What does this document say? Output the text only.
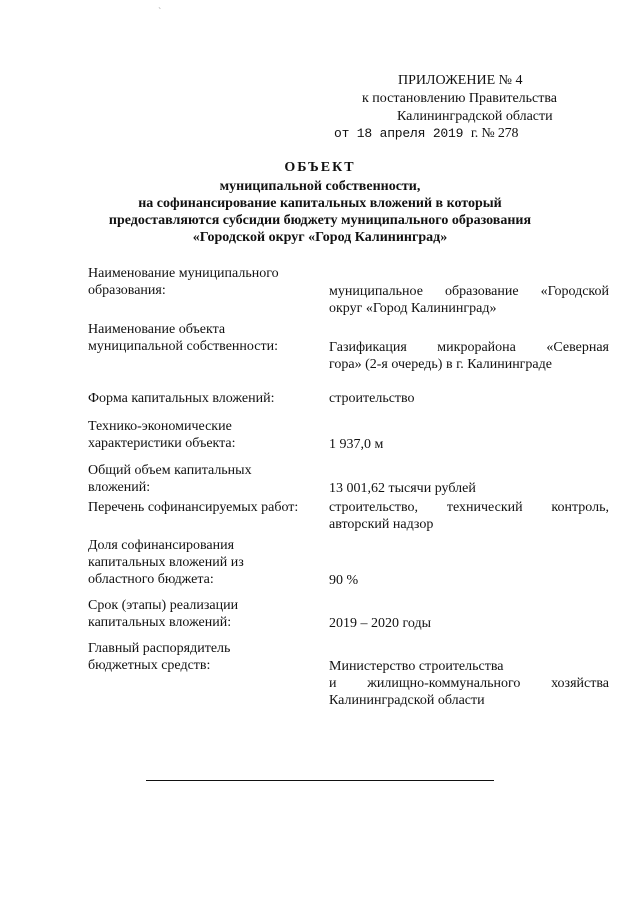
`
ПРИЛОЖЕНИЕ № 4
к постановлению Правительства
Калининградской области
от 18 апреля 2019 г. № 278
ОБЪЕКТ
муниципальной собственности,
на софинансирование капитальных вложений в который
предоставляются субсидии бюджету муниципального образования
«Городской округ «Город Калининград»
Наименование муниципального
образования:	муниципальное образование «Городской
округ «Город Калининград»
Наименование объекта
муниципальной собственности:	Газификация микрорайона «Северная
гора» (2-я очередь) в г. Калининграде
Форма капитальных вложений:	строительство
Технико-экономические
характеристики объекта:	1 937,0 м
Общий объем капитальных
вложений:	13 001,62 тысячи рублей
Перечень софинансируемых работ:	строительство, технический контроль,
авторский надзор
Доля софинансирования
капитальных вложений из
областного бюджета:	90 %
Срок (этапы) реализации
капитальных вложений:	2019 – 2020 годы
Главный распорядитель
бюджетных средств:	Министерство строительства
и жилищно-коммунального хозяйства
Калининградской области
